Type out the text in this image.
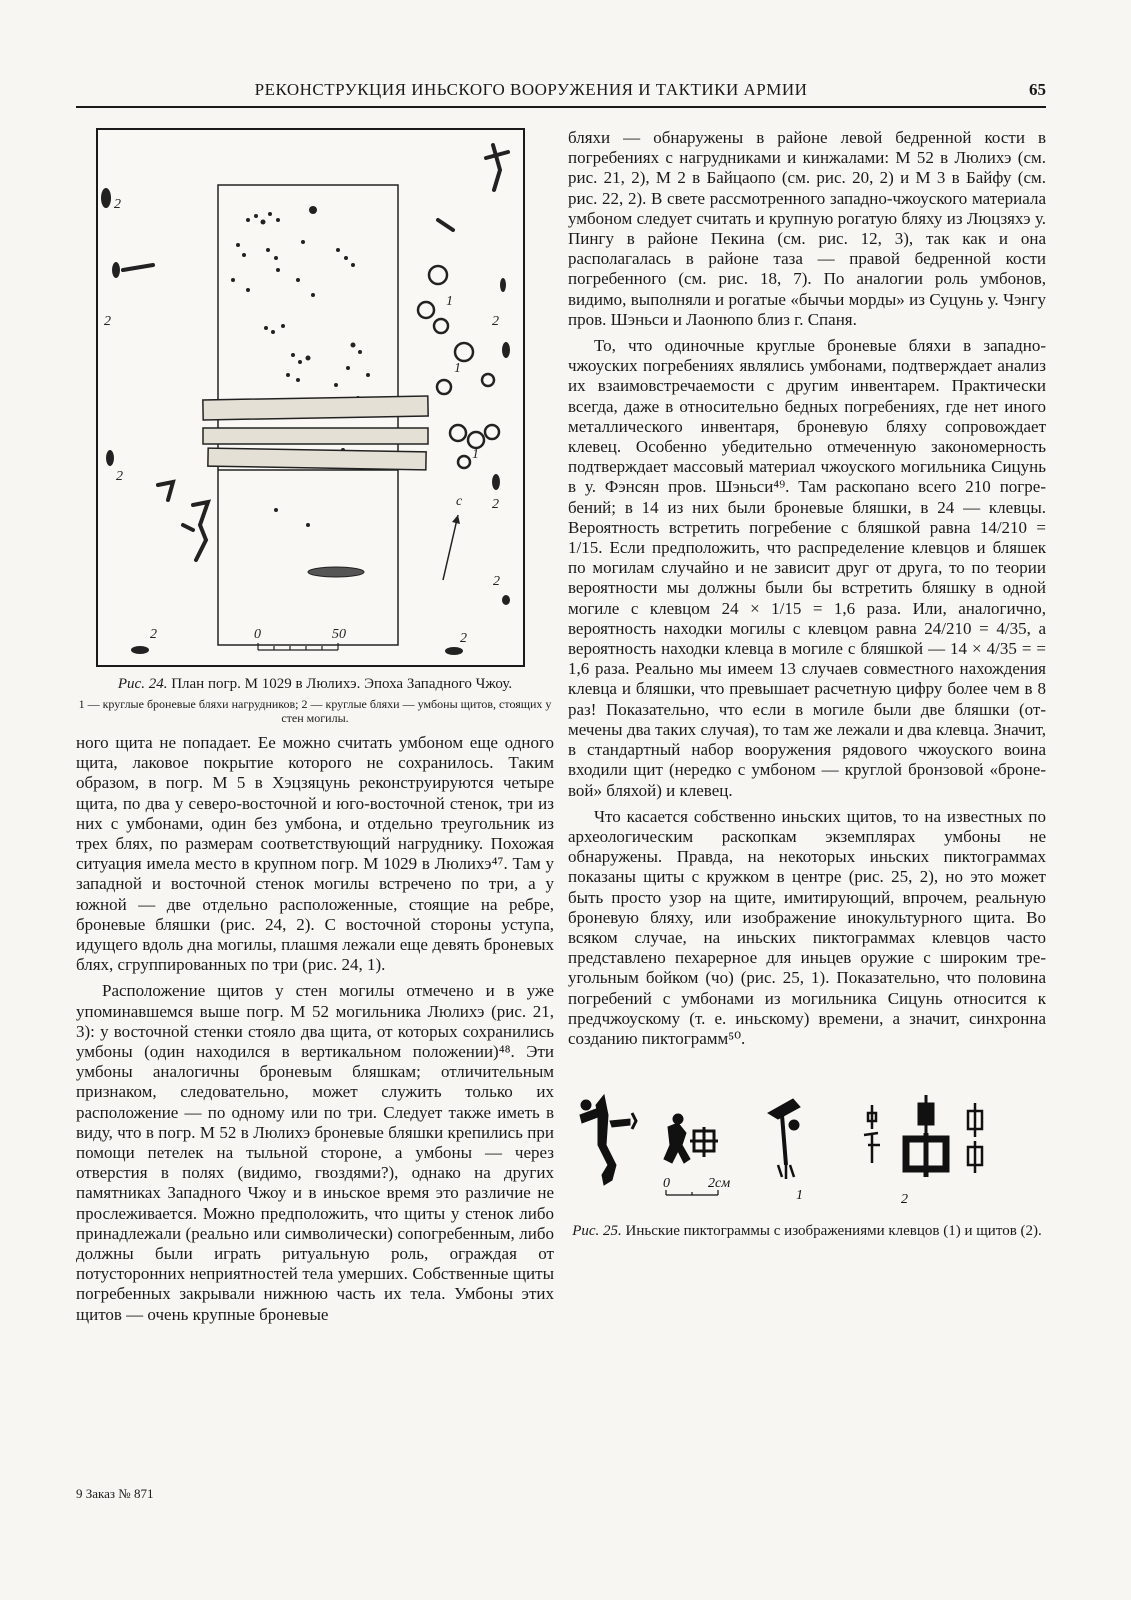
РЕКОНСТРУКЦИЯ ИНЬСКОГО ВООРУЖЕНИЯ И ТАКТИКИ АРМИИ	65
2
2	2
2
2
2	2
2
1
1
1
0	50
c

Рис. 24. План погр. М 1029 в Люлихэ. Эпоха Западного Чжоу.

1 — круглые броневые бляхи нагрудников; 2 — круглые бляхи — умбоны щитов, стоящих у стен могилы.

ного щита не попадает. Ее можно считать умбоном еще одного щита, лаковое покрытие которого не сохранилось. Таким образом, в погр. М 5 в Хэцзяцунь реконструируются четыре щита, по два у северо-восточной и юго-восточной стенок, три из них с умбонами, один без умбона, и отдельно треугольник из трех блях, по размерам соответствующий нагруднику. Похожая ситуация имела место в крупном погр. М 1029 в Люлихэ⁴⁷. Там у западной и восточной стенок могилы встречено по три, а у южной — две отдельно расположенные, стоящие на ребре, броневые бляшки (рис. 24, 2). С восточной стороны уступа, идущего вдоль дна могилы, плашмя лежали еще девять броневых блях, сгруппированных по три (рис. 24, 1).

Расположение щитов у стен могилы отмечено и в уже упоминавшемся выше погр. М 52 могильника Люлихэ (рис. 21, 3): у восточной стенки стояло два щита, от которых сохранились умбоны (один находился в вертикальном положении)⁴⁸. Эти умбоны аналогичны броневым бляшкам; отличительным признаком, следовательно, может служить только их расположение — по одному или по три. Следует также иметь в виду, что в погр. М 52 в Люлихэ броневые бляшки крепились при помощи петелек на тыльной стороне, а умбоны — через отверстия в полях (видимо, гвоздями?), однако на других памятниках Западного Чжоу и в иньское время это различие не прослеживается. Можно предположить, что щиты у стенок либо принадлежали (реально или символически) сопогребенным, либо должны были играть ритуальную роль, ограждая от потусторонних неприятностей тела умерших. Собственные щиты погребенных закрывали нижнюю часть их тела. Умбоны этих щитов — очень крупные броневые

бляхи — обнаружены в районе левой бедренной кости в погребениях с нагрудниками и кинжалами: М 52 в Люлихэ (см. рис. 21, 2), М 2 в Байцаопо (см. рис. 20, 2) и М 3 в Байфу (см. рис. 22, 2). В свете рассмотренного западно-чжоуского материала умбоном следует считать и крупную рогатую бляху из Люцзяхэ у. Пингу в районе Пекина (см. рис. 12, 3), так как и она располагалась в районе таза — правой бедренной кости погребенного (см. рис. 18, 7). По аналогии роль умбонов, видимо, выполняли и рогатые «бычьи морды» из Суцунь у. Чэнгу пров. Шэньси и Лаонюпо близ г. Спаня.

То, что одиночные круглые броневые бляхи в западно-чжоуских погребениях являлись умбонами, подтверждает анализ их взаимовстречаемости с другим инвентарем. Практически всегда, даже в относительно бедных погребениях, где нет иного металлического инвентаря, броневую бляху сопровождает клевец. Особенно убедительно отмеченную закономерность подтверждает массовый материал чжоуского могильника Сицунь в у. Фэнсян пров. Шэньси⁴⁹. Там раскопано всего 210 погребений; в 14 из них были броневые бляшки, в 24 — клевцы. Вероятность встретить погребение с бляшкой равна 14/210 = 1/15. Если предположить, что распределение клевцов и бляшек по могилам случайно и не зависит друг от друга, то по теории вероятности мы должны были бы встретить бляшку в одной могиле с клевцом 24 × 1/15 = 1,6 раза. Или, аналогично, вероятность находки могилы с клевцом равна 24/210 = 4/35, а вероятность находки клевца в могиле с бляшкой — 14 × 4/35 = = 1,6 раза. Реально мы имеем 13 случаев совместного нахождения клевца и бляшки, что превышает расчетную цифру более чем в 8 раз! Показательно, что если в могиле были две бляшки (отмечены два таких случая), то там же лежали и два клевца. Значит, в стандартный набор вооружения рядового чжоуского воина входили щит (нередко с умбоном — круглой бронзовой «броневой» бляхой) и клевец.

Что касается собственно иньских щитов, то на известных по археологическим раскопкам экземплярах умбоны не обнаружены. Правда, на некоторых иньских пиктограммах показаны щиты с кружком в центре (рис. 25, 2), но это может быть просто узор на щите, имитирующий, впрочем, реальную броневую бляху, или изображение инокультурного щита. Во всяком случае, на иньских пиктограммах клевцов часто представлено пехарерное для иньцев оружие с широким треугольным бойком (чо) (рис. 25, 1). Показательно, что половина погребений с умбонами из могильника Сицунь относится к предчжоускому (т. е. иньскому) времени, а значит, синхронна созданию пиктограмм⁵⁰.

0	2см
1	2

Рис. 25. Иньские пиктограммы с изображениями клевцов (1) и щитов (2).

9 Заказ № 871
